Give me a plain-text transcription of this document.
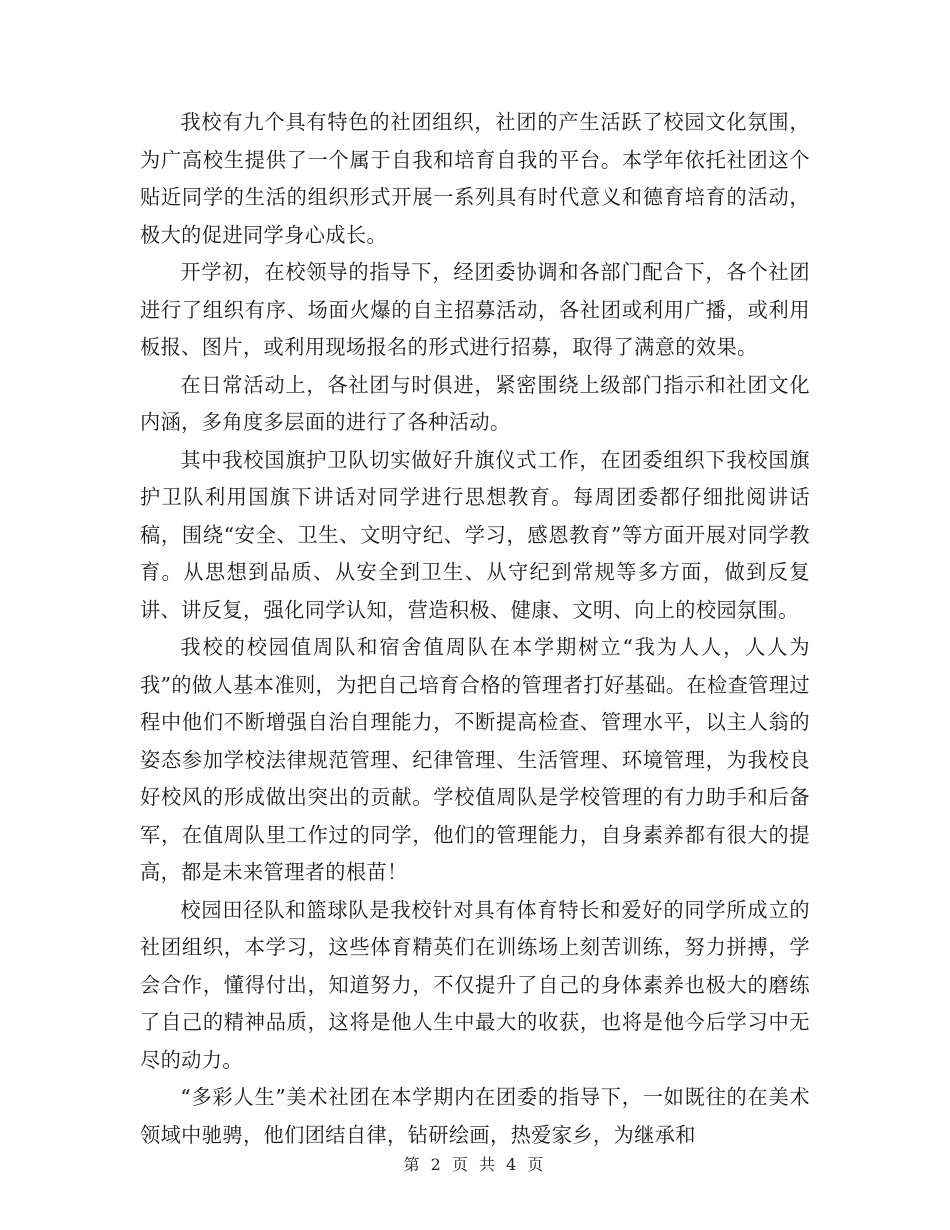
我校有九个具有特色的社团组织，社团的产生活跃了校园文化氛围，为广高校生提供了一个属于自我和培育自我的平台。本学年依托社团这个贴近同学的生活的组织形式开展一系列具有时代意义和德育培育的活动，极大的促进同学身心成长。

开学初，在校领导的指导下，经团委协调和各部门配合下，各个社团进行了组织有序、场面火爆的自主招募活动，各社团或利用广播，或利用板报、图片，或利用现场报名的形式进行招募，取得了满意的效果。

在日常活动上，各社团与时俱进，紧密围绕上级部门指示和社团文化内涵，多角度多层面的进行了各种活动。

其中我校国旗护卫队切实做好升旗仪式工作，在团委组织下我校国旗护卫队利用国旗下讲话对同学进行思想教育。每周团委都仔细批阅讲话稿，围绕“安全、卫生、文明守纪、学习，感恩教育”等方面开展对同学教育。从思想到品质、从安全到卫生、从守纪到常规等多方面，做到反复讲、讲反复，强化同学认知，营造积极、健康、文明、向上的校园氛围。

我校的校园值周队和宿舍值周队在本学期树立“我为人人，人人为我”的做人基本准则，为把自己培育合格的管理者打好基础。在检查管理过程中他们不断增强自治自理能力，不断提高检查、管理水平，以主人翁的姿态参加学校法律规范管理、纪律管理、生活管理、环境管理，为我校良好校风的形成做出突出的贡献。学校值周队是学校管理的有力助手和后备军，在值周队里工作过的同学，他们的管理能力，自身素养都有很大的提高，都是未来管理者的根苗！

校园田径队和篮球队是我校针对具有体育特长和爱好的同学所成立的社团组织，本学习，这些体育精英们在训练场上刻苦训练，努力拼搏，学会合作，懂得付出，知道努力，不仅提升了自己的身体素养也极大的磨练了自己的精神品质，这将是他人生中最大的收获，也将是他今后学习中无尽的动力。

“多彩人生”美术社团在本学期内在团委的指导下，一如既往的在美术领域中驰骋，他们团结自律，钻研绘画，热爱家乡，为继承和

第 2 页 共 4 页
